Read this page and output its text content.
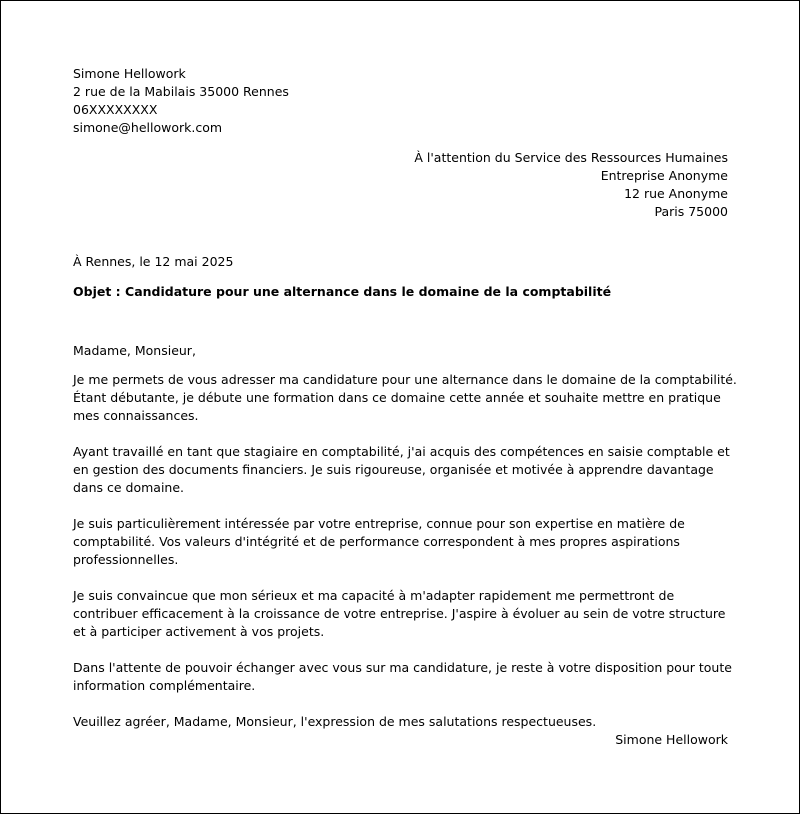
Simone Hellowork
2 rue de la Mabilais 35000 Rennes
06XXXXXXXX
simone@hellowork.com
À l'attention du Service des Ressources Humaines
Entreprise Anonyme
12 rue Anonyme
Paris 75000
À Rennes, le 12 mai 2025
Objet : Candidature pour une alternance dans le domaine de la comptabilité
Madame, Monsieur,

Je me permets de vous adresser ma candidature pour une alternance dans le domaine de la comptabilité. Étant débutante, je débute une formation dans ce domaine cette année et souhaite mettre en pratique mes connaissances.

Ayant travaillé en tant que stagiaire en comptabilité, j'ai acquis des compétences en saisie comptable et en gestion des documents financiers. Je suis rigoureuse, organisée et motivée à apprendre davantage dans ce domaine.

Je suis particulièrement intéressée par votre entreprise, connue pour son expertise en matière de comptabilité. Vos valeurs d'intégrité et de performance correspondent à mes propres aspirations professionnelles.

Je suis convaincue que mon sérieux et ma capacité à m'adapter rapidement me permettront de contribuer efficacement à la croissance de votre entreprise. J'aspire à évoluer au sein de votre structure et à participer activement à vos projets.

Dans l'attente de pouvoir échanger avec vous sur ma candidature, je reste à votre disposition pour toute information complémentaire.

Veuillez agréer, Madame, Monsieur, l'expression de mes salutations respectueuses.

Simone Hellowork
